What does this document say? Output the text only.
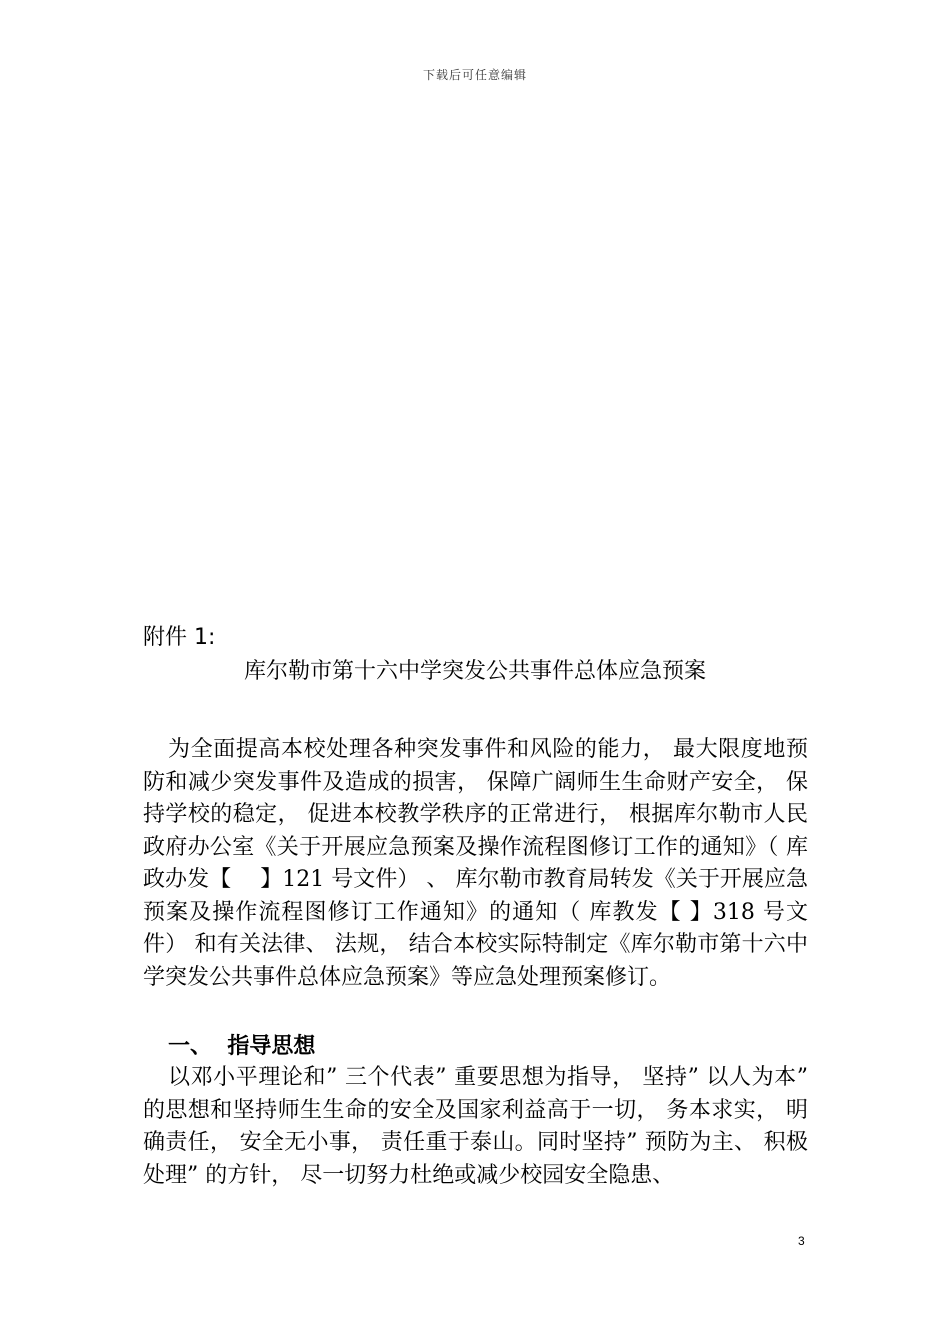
下载后可任意编辑
附件 1:
库尔勒市第十六中学突发公共事件总体应急预案

为全面提高本校处理各种突发事件和风险的能力， 最大限度地预防和减少突发事件及造成的损害， 保障广阔师生生命财产安全， 保持学校的稳定， 促进本校教学秩序的正常进行， 根据库尔勒市人民政府办公室《关于开展应急预案及操作流程图修订工作的通知》（ 库政办发【 　】121 号文件） 、 库尔勒市教育局转发《关于开展应急预案及操作流程图修订工作通知》的通知（ 库教发【 】318 号文件） 和有关法律、 法规， 结合本校实际特制定《库尔勒市第十六中学突发公共事件总体应急预案》等应急处理预案修订。

一、  指导思想

以邓小平理论和” 三个代表” 重要思想为指导， 坚持” 以人为本” 的思想和坚持师生生命的安全及国家利益高于一切， 务本求实， 明确责任， 安全无小事， 责任重于泰山。同时坚持” 预防为主、 积极处理” 的方针， 尽一切努力杜绝或减少校园安全隐患、

3
